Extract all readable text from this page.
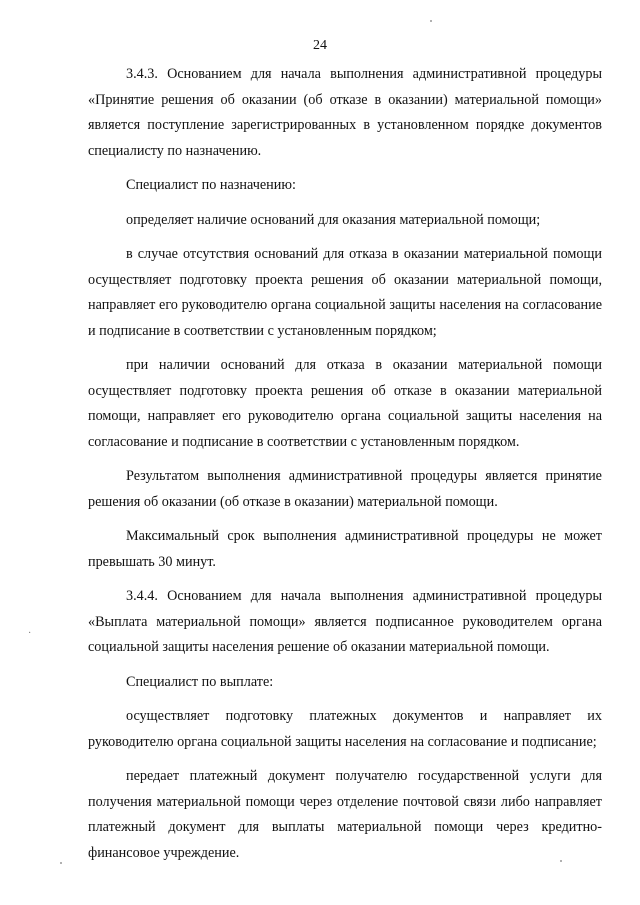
24

3.4.3. Основанием для начала выполнения административной процедуры «Принятие решения об оказании (об отказе в оказании) материальной помощи» является поступление зарегистрированных в установленном порядке документов специалисту по назначению.

Специалист по назначению:

определяет наличие оснований для оказания материальной помощи;

в случае отсутствия оснований для отказа в оказании материальной помощи осуществляет подготовку проекта решения об оказании материальной помощи, направляет его руководителю органа социальной защиты населения на согласование и подписание в соответствии с установленным порядком;

при наличии оснований для отказа в оказании материальной помощи осуществляет подготовку проекта решения об отказе в оказании материальной помощи, направляет его руководителю органа социальной защиты населения на согласование и подписание в соответствии с установленным порядком.

Результатом выполнения административной процедуры является принятие решения об оказании (об отказе в оказании) материальной помощи.

Максимальный срок выполнения административной процедуры не может превышать 30 минут.

3.4.4. Основанием для начала выполнения административной процедуры «Выплата материальной помощи» является подписанное руководителем органа социальной защиты населения решение об оказании материальной помощи.

Специалист по выплате:

осуществляет подготовку платежных документов и направляет их руководителю органа социальной защиты населения на согласование и подписание;

передает платежный документ получателю государственной услуги для получения материальной помощи через отделение почтовой связи либо направляет платежный документ для выплаты материальной помощи через кредитно-финансовое учреждение.

·
